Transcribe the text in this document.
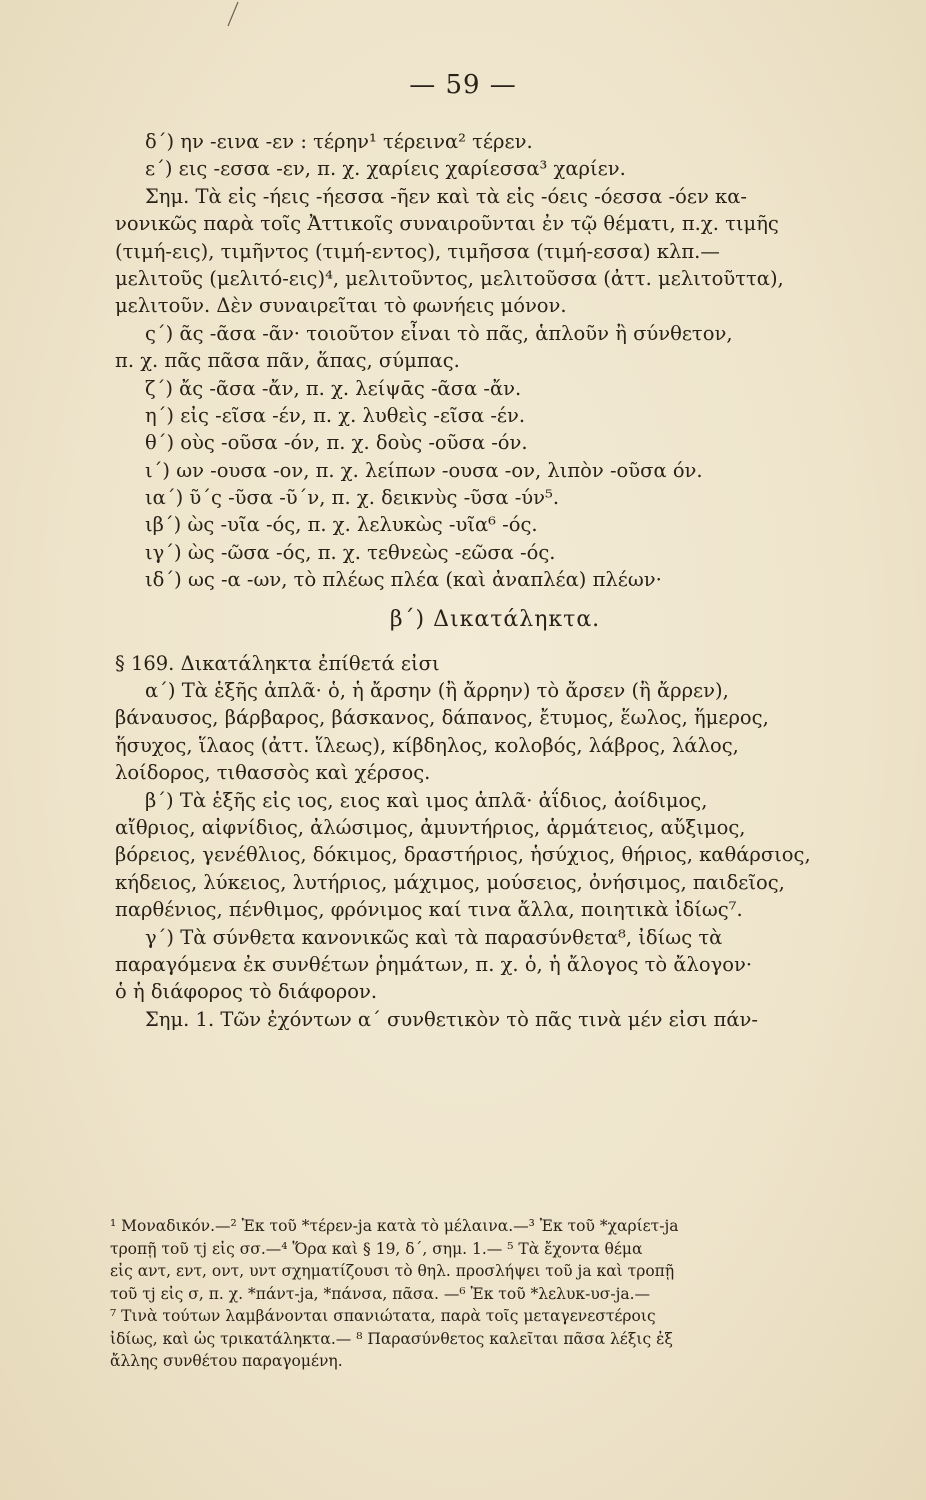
— 59 —
δ´) ην -εινα -εν : τέρην¹ τέρεινα² τέρεν.
ε´) εις -εσσα -εν, π. χ. χαρίεις χαρίεσσα³ χαρίεν.
Σημ. Τὰ εἰς -ήεις -ήεσσα -ῆεν καὶ τὰ εἰς -όεις -όεσσα -όεν κα-
νονικῶς παρὰ τοῖς Ἀττικοῖς συναιροῦνται ἐν τῷ θέματι, π.χ. τιμῆς
(τιμή-εις), τιμῆντος (τιμή-εντος), τιμῆσσα (τιμή-εσσα) κλπ.—
μελιτοῦς (μελιτό-εις)⁴, μελιτοῦντος, μελιτοῦσσα (ἀττ. μελιτοῦττα),
μελιτοῦν. Δὲν συναιρεῖται τὸ φωνήεις μόνον.
ς´) ᾶς -ᾶσα -ᾶν· τοιοῦτον εἶναι τὸ πᾶς, ἁπλοῦν ἢ σύνθετον,
π. χ. πᾶς πᾶσα πᾶν, ἅπας, σύμπας.
ζ´) ἄς -ᾶσα -ἄν, π. χ. λείψᾱς -ᾶσα -ἄν.
η´) εἰς -εῖσα -έν, π. χ. λυθεὶς -εῖσα -έν.
θ´) οὺς -οῦσα -όν, π. χ. δοὺς -οῦσα -όν.
ι´) ων -ουσα -ον, π. χ. λείπων -ουσα -ον, λιπὸν -οῦσα όν.
ια´) ῦ΄ς -ῦσα -ῦ΄ν, π. χ. δεικνὺς -ῦσα -ύν⁵.
ιβ´) ὼς -υῖα -ός, π. χ. λελυκὼς -υῖα⁶ -ός.
ιγ´) ὼς -ῶσα -ός, π. χ. τεθνεὼς -εῶσα -ός.
ιδ´) ως -α -ων, τὸ πλέως πλέα (καὶ ἀναπλέα) πλέων·
β´) Δικατάληκτα.
§ 169. Δικατάληκτα ἐπίθετά εἰσι
α´) Τὰ ἑξῆς ἁπλᾶ· ὁ, ἡ ἄρσην (ἢ ἄρρην) τὸ ἄρσεν (ἢ ἄρρεν),
βάναυσος, βάρβαρος, βάσκανος, δάπανος, ἔτυμος, ἕωλος, ἥμερος,
ἥσυχος, ἵλαος (ἀττ. ἵλεως), κίβδηλος, κολοβός, λάβρος, λάλος,
λοίδορος, τιθασσὸς καὶ χέρσος.
β´) Τὰ ἑξῆς εἰς ιος, ειος καὶ ιμος ἁπλᾶ· ἀΐδιος, ἀοίδιμος,
αἴθριος, αἰφνίδιος, ἀλώσιμος, ἀμυντήριος, ἁρμάτειος, αὔξιμος,
βόρειος, γενέθλιος, δόκιμος, δραστήριος, ἡσύχιος, θήριος, καθάρσιος,
κήδειος, λύκειος, λυτήριος, μάχιμος, μούσειος, ὀνήσιμος, παιδεῖος,
παρθένιος, πένθιμος, φρόνιμος καί τινα ἄλλα, ποιητικὰ ἰδίως⁷.
γ´) Τὰ σύνθετα κανονικῶς καὶ τὰ παρασύνθετα⁸, ἰδίως τὰ
παραγόμενα ἐκ συνθέτων ῥημάτων, π. χ. ὁ, ἡ ἄλογος τὸ ἄλογον·
ὁ ἡ διάφορος τὸ διάφορον.
Σημ. 1. Τῶν ἐχόντων α´ συνθετικὸν τὸ πᾶς τινὰ μέν εἰσι πάν-
¹ Μοναδικόν.—² Ἐκ τοῦ *τέρεν-ja κατὰ τὸ μέλαινα.—³ Ἐκ τοῦ *χαρίετ-ja
τροπῇ τοῦ τj εἰς σσ.—⁴ Ὅρα καὶ § 19, δ´, σημ. 1.— ⁵ Τὰ ἔχοντα θέμα
εἰς αντ, εντ, οντ, υντ σχηματίζουσι τὸ θηλ. προσλήψει τοῦ ja καὶ τροπῇ
τοῦ τj εἰς σ, π. χ. *πάντ-ja, *πάνσα, πᾶσα. —⁶ Ἐκ τοῦ *λελυκ-υσ-ja.—
⁷ Τινὰ τούτων λαμβάνονται σπανιώτατα, παρὰ τοῖς μεταγενεστέροις
ἰδίως, καὶ ὡς τρικατάληκτα.— ⁸ Παρασύνθετος καλεῖται πᾶσα λέξις ἐξ
ἄλλης συνθέτου παραγομένη.
